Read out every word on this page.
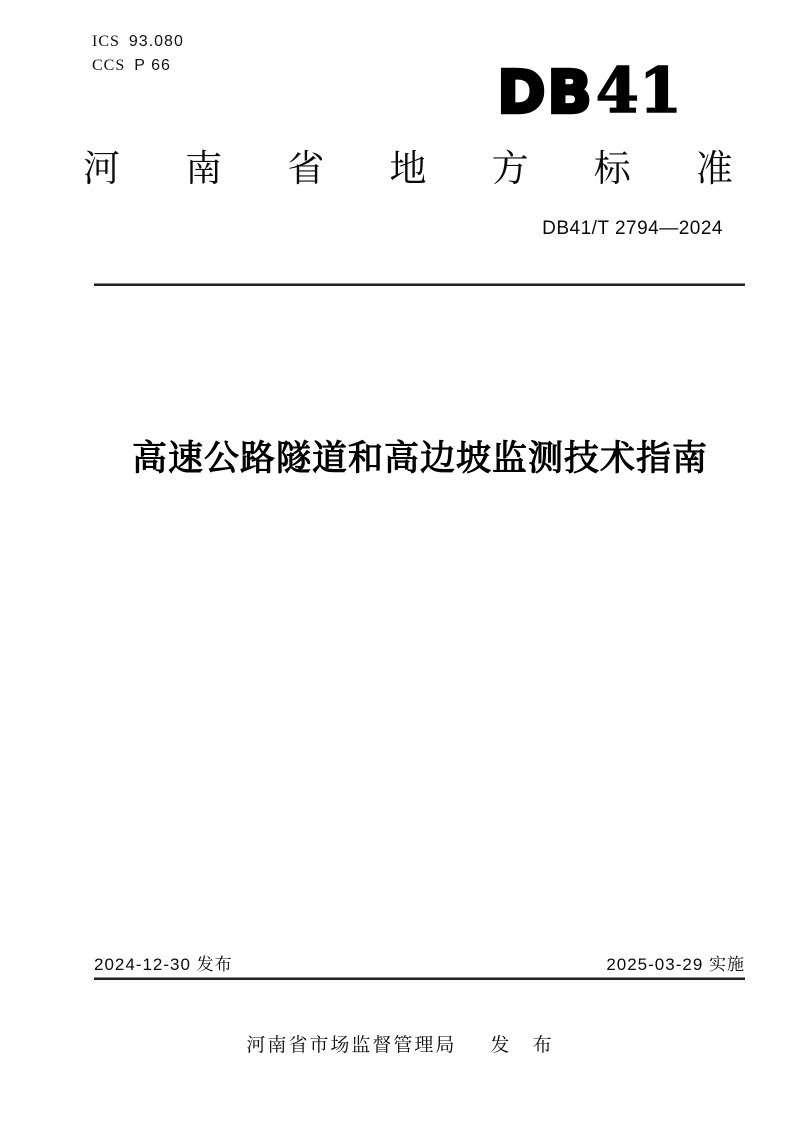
ICS 93.080
CCS P 66	DB41
河 南 省 地 方 标 准
DB41/T 2794—2024
高速公路隧道和高边坡监测技术指南
2024-12-30 发布	2025-03-29 实施
河南省市场监督管理局 发 布
